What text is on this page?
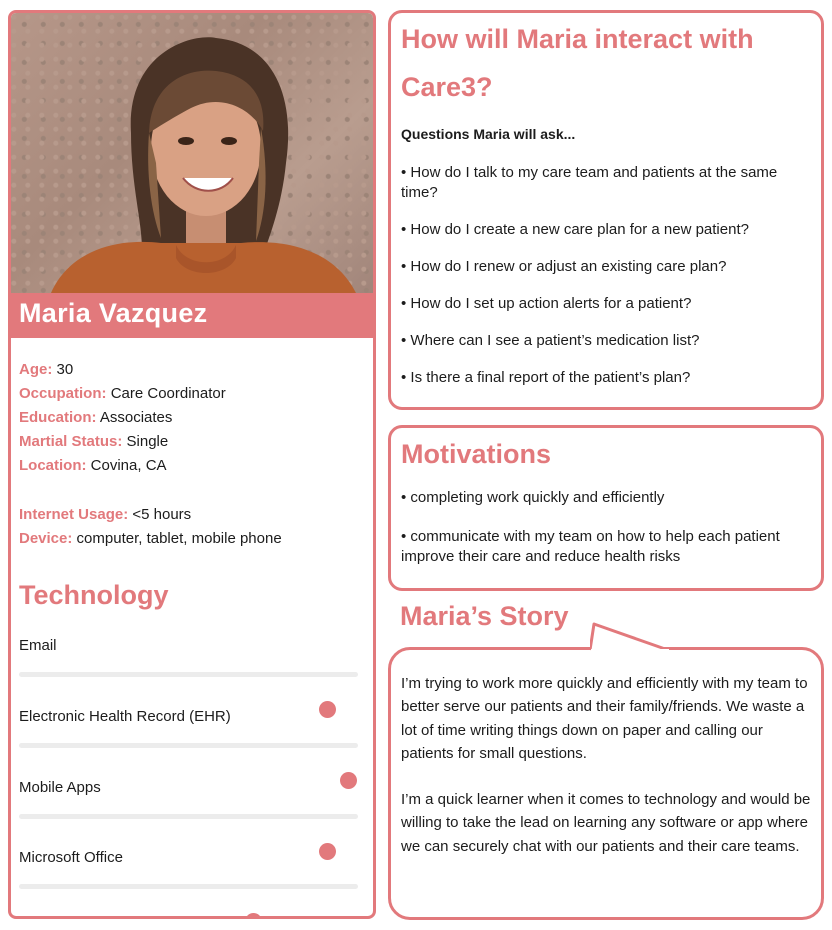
Maria Vazquez
Age: 30
Occupation: Care Coordinator
Education: Associates
Martial Status: Single
Location: Covina, CA
Internet Usage: <5 hours
Device: computer, tablet, mobile phone
Technology
Email
Electronic Health Record (EHR)
Mobile Apps
Microsoft Office
How will Maria interact with Care3?
Questions Maria will ask...
• How do I talk to my care team and patients at the same time?
• How do I create a new care plan for a new patient?
• How do I renew or adjust an existing care plan?
• How do I set up action alerts for a patient?
• Where can I see a patient’s medication list?
• Is there a final report of the patient’s plan?
Motivations
• completing work quickly and efficiently
• communicate with my team on how to help each patient improve their care and reduce health risks
Maria’s Story

I’m trying to work more quickly and efficiently with my team to better serve our patients and their family/friends. We waste a lot of time writing things down on paper and calling our patients for small questions.

I’m a quick learner when it comes to technology and would be willing to take the lead on learning any software or app where we can securely chat with our patients and their care teams.
